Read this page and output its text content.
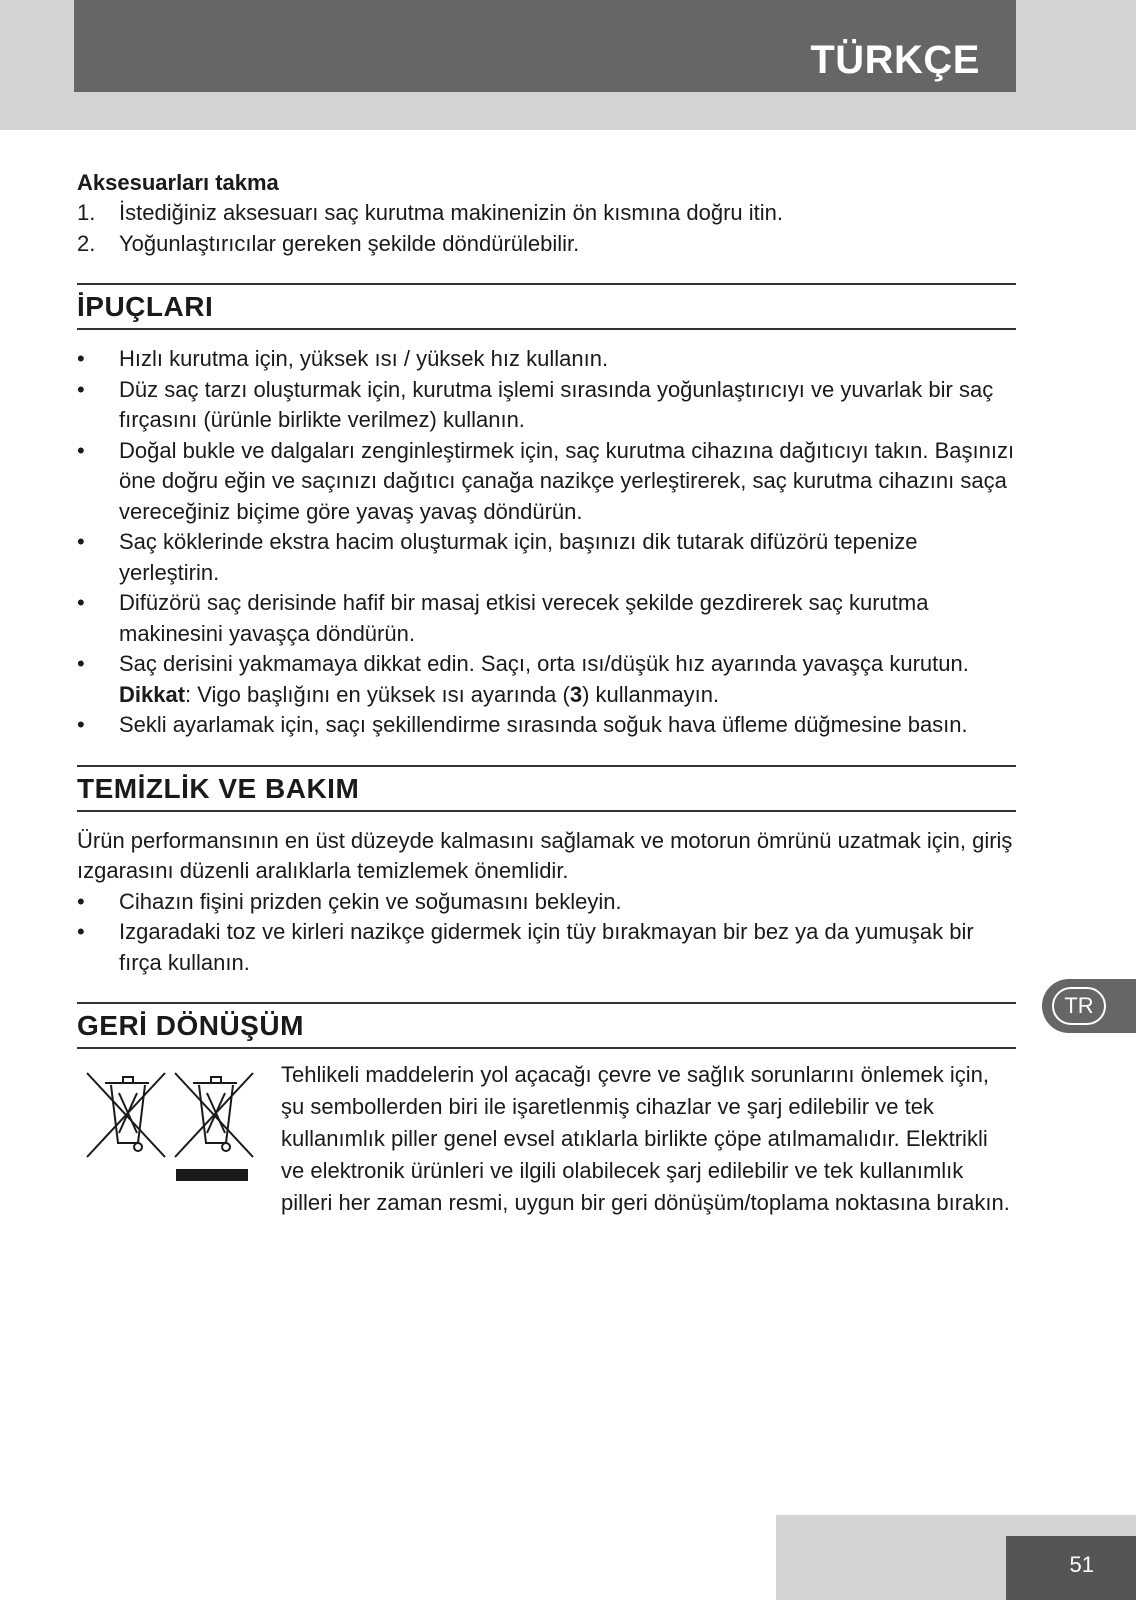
TÜRKÇE
Aksesuarları takma
1. İstediğiniz aksesuarı saç kurutma makinenizin ön kısmına doğru itin.
2. Yoğunlaştırıcılar gereken şekilde döndürülebilir.
İPUÇLARI
• Hızlı kurutma için, yüksek ısı / yüksek hız kullanın.
• Düz saç tarzı oluşturmak için, kurutma işlemi sırasında yoğunlaştırıcıyı ve yuvarlak bir saç fırçasını (ürünle birlikte verilmez) kullanın.
• Doğal bukle ve dalgaları zenginleştirmek için, saç kurutma cihazına dağıtıcıyı takın. Başınızı öne doğru eğin ve saçınızı dağıtıcı çanağa nazikçe yerleştirerek, saç kurutma cihazını saça vereceğiniz biçime göre yavaş yavaş döndürün.
• Saç köklerinde ekstra hacim oluşturmak için, başınızı dik tutarak difüzörü tepenize yerleştirin.
• Difüzörü saç derisinde hafif bir masaj etkisi verecek şekilde gezdirerek saç kurutma makinesini yavaşça döndürün.
• Saç derisini yakmamaya dikkat edin. Saçı, orta ısı/düşük hız ayarında yavaşça kurutun.
Dikkat: Vigo başlığını en yüksek ısı ayarında (3) kullanmayın.
• Sekli ayarlamak için, saçı şekillendirme sırasında soğuk hava üfleme düğmesine basın.
TEMİZLİK VE BAKIM
Ürün performansının en üst düzeyde kalmasını sağlamak ve motorun ömrünü uzatmak için, giriş ızgarasını düzenli aralıklarla temizlemek önemlidir.
• Cihazın fişini prizden çekin ve soğumasını bekleyin.
• Izgaradaki toz ve kirleri nazikçe gidermek için tüy bırakmayan bir bez ya da yumuşak bir fırça kullanın.
GERİ DÖNÜŞÜM
Tehlikeli maddelerin yol açacağı çevre ve sağlık sorunlarını önlemek için, şu sembollerden biri ile işaretlenmiş cihazlar ve şarj edilebilir ve tek kullanımlık piller genel evsel atıklarla birlikte çöpe atılmamalıdır. Elektrikli ve elektronik ürünleri ve ilgili olabilecek şarj edilebilir ve tek kullanımlık pilleri her zaman resmi, uygun bir geri dönüşüm/toplama noktasına bırakın.
TR
51
